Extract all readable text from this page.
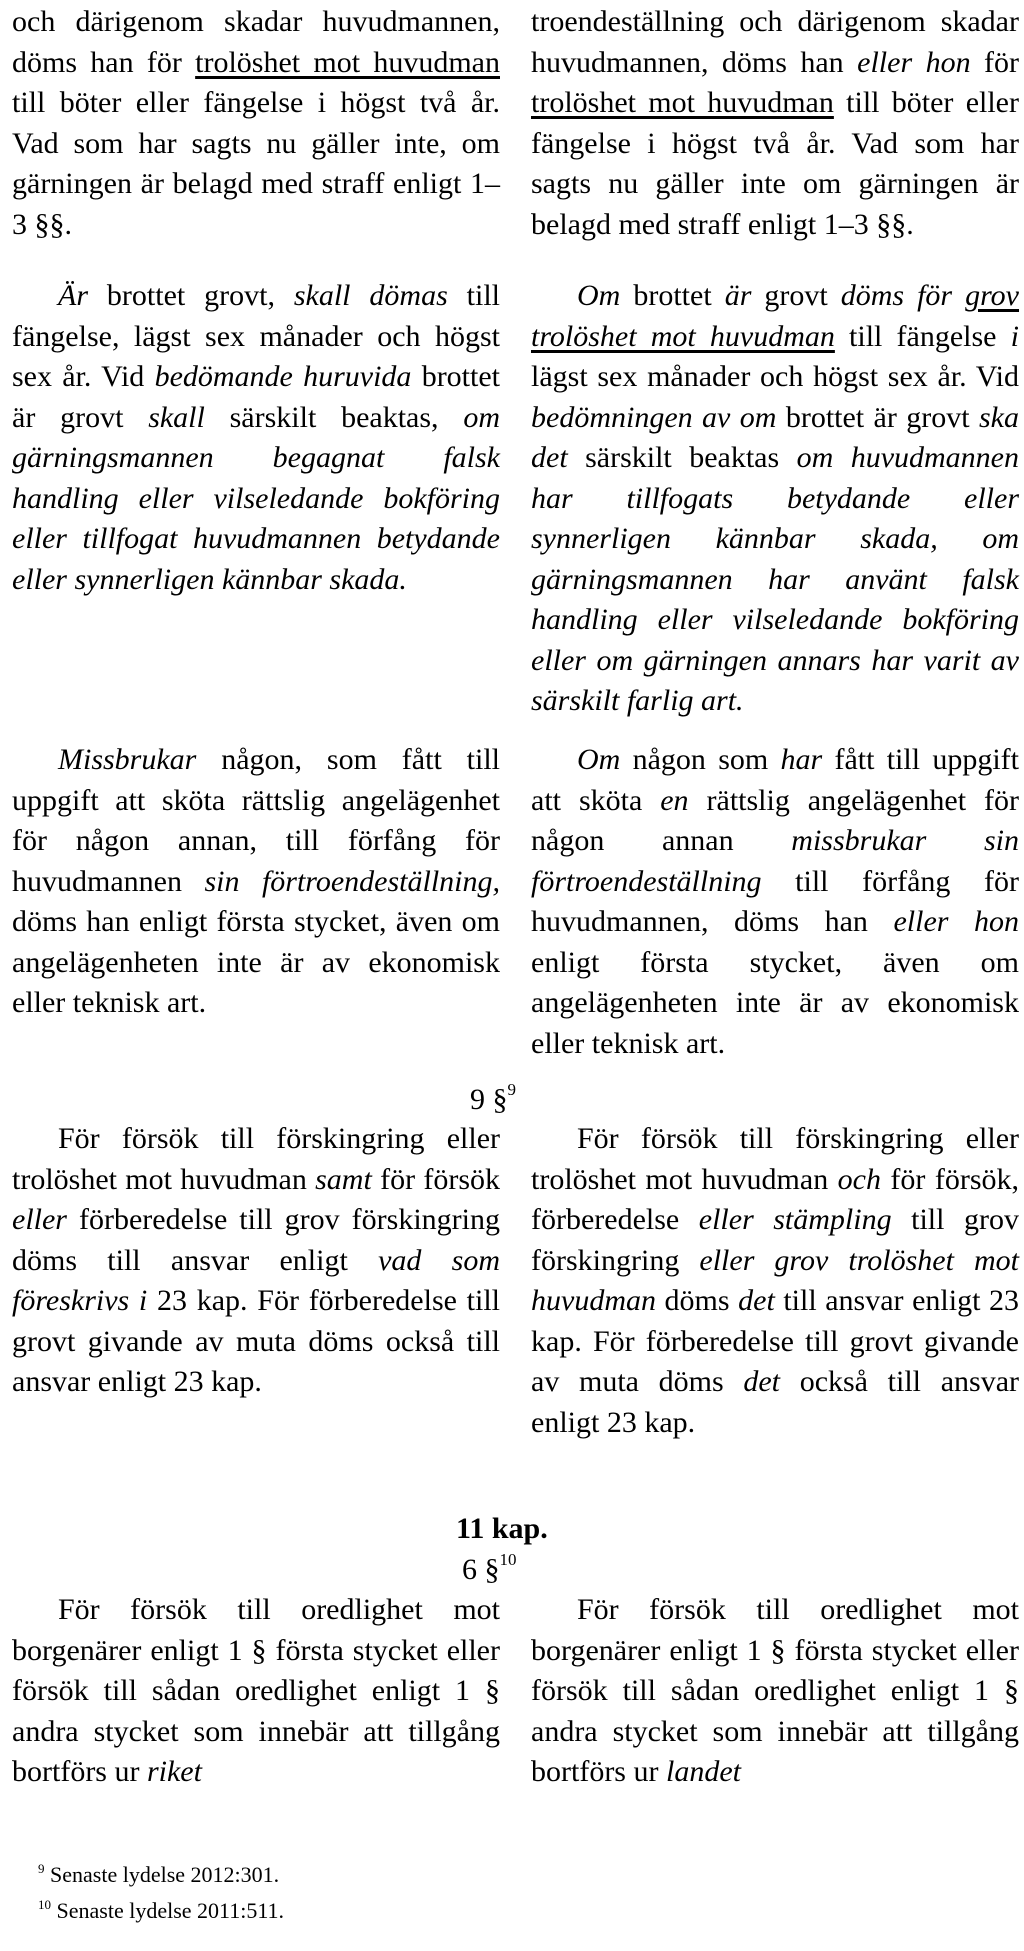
och därigenom skadar huvudmannen, döms han för trolöshet mot huvudman till böter eller fängelse i högst två år. Vad som har sagts nu gäller inte, om gärningen är belagd med straff enligt 1–3 §§.

troendeställning och därigenom skadar huvudmannen, döms han eller hon för trolöshet mot huvudman till böter eller fängelse i högst två år. Vad som har sagts nu gäller inte om gärningen är belagd med straff enligt 1–3 §§.

Är brottet grovt, skall dömas till fängelse, lägst sex månader och högst sex år. Vid bedömande huruvida brottet är grovt skall särskilt beaktas, om gärningsmannen begagnat falsk handling eller vilseledande bokföring eller tillfogat huvudmannen betydande eller synnerligen kännbar skada.

Om brottet är grovt döms för grov trolöshet mot huvudman till fängelse i lägst sex månader och högst sex år. Vid bedömningen av om brottet är grovt ska det särskilt beaktas om huvudmannen har tillfogats betydande eller synnerligen kännbar skada, om gärningsmannen har använt falsk handling eller vilseledande bokföring eller om gärningen annars har varit av särskilt farlig art.

Missbrukar någon, som fått till uppgift att sköta rättslig angelägenhet för någon annan, till förfång för huvudmannen sin förtroendeställning, döms han enligt första stycket, även om angelägenheten inte är av ekonomisk eller teknisk art.

Om någon som har fått till uppgift att sköta en rättslig angelägenhet för någon annan missbrukar sin förtroendeställning till förfång för huvudmannen, döms han eller hon enligt första stycket, även om angelägenheten inte är av ekonomisk eller teknisk art.

9 §$^9$

För försök till förskingring eller trolöshet mot huvudman samt för försök eller förberedelse till grov förskingring döms till ansvar enligt vad som föreskrivs i 23 kap. För förberedelse till grovt givande av muta döms också till ansvar enligt 23 kap.

För försök till förskingring eller trolöshet mot huvudman och för försök, förberedelse eller stämpling till grov förskingring eller grov trolöshet mot huvudman döms det till ansvar enligt 23 kap. För förberedelse till grovt givande av muta döms det också till ansvar enligt 23 kap.

11 kap.
6 §$^{10}$

För försök till oredlighet mot borgenärer enligt 1 § första stycket eller försök till sådan oredlighet enligt 1 § andra stycket som innebär att tillgång bortförs ur riket

För försök till oredlighet mot borgenärer enligt 1 § första stycket eller försök till sådan oredlighet enligt 1 § andra stycket som innebär att tillgång bortförs ur landet

$^9$ Senaste lydelse 2012:301.
$^{10}$ Senaste lydelse 2011:511.
